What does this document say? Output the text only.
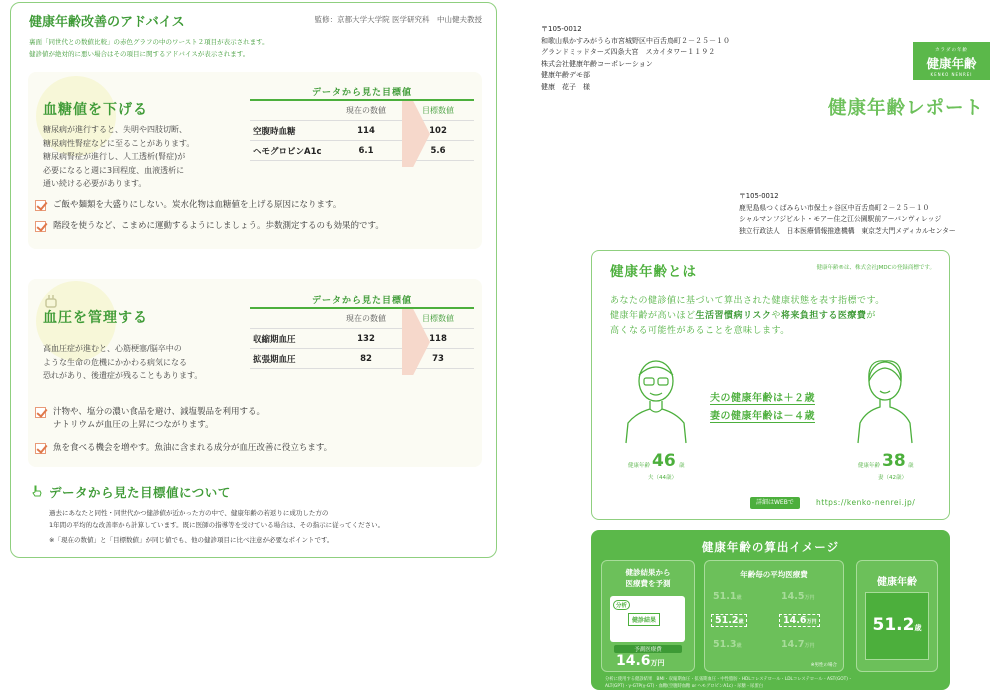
健康年齢改善のアドバイス	監修：京都大学大学院 医学研究科　中山健夫教授
裏面「同世代との数値比較」の赤色グラフの中のワースト２項目が表示されます。
健診値が絶対的に悪い場合はその項目に関するアドバイスが表示されます。
血糖値を下げる
糖尿病が進行すると、失明や四肢切断、
糖尿病性腎症などに至ることがあります。
糖尿病腎症が進行し、人工透析(腎症)が
必要になると週に3回程度、血液透析に
通い続ける必要があります。
データから見た目標値
現在の数値	目標数値
空腹時血糖	114	102
ヘモグロビンA1c	6.1	5.6
ご飯や麺類を大盛りにしない。炭水化物は血糖値を上げる原因になります。
階段を使うなど、こまめに運動するようにしましょう。歩数測定するのも効果的です。
血圧を管理する
高血圧症が進むと、心筋梗塞/脳卒中の
ような生命の危機にかかわる病気になる
恐れがあり、後遺症が残ることもあります。
データから見た目標値
現在の数値	目標数値
収縮期血圧	132	118
拡張期血圧	82	73
汁物や、塩分の濃い食品を避け、減塩製品を利用する。
ナトリウムが血圧の上昇につながります。
魚を食べる機会を増やす。魚油に含まれる成分が血圧改善に役立ちます。
データから見た目標値について
過去にあなたと同性・同世代かつ健診値が近かった方の中で、健康年齢の若返りに成功した方の
1年間の平均的な改善率から計算しています。既に医師の指導等を受けている場合は、その指示に従ってください。
※「現在の数値」と「目標数値」が同じ値でも、他の健診項目に比べ注意が必要なポイントです。
〒105-0012
和歌山県かすみがうら市宮城野区中百舌鳥町２－２５－１０
グランドミッドターズ四条大宮　スカイタワー１１９２
株式会社健康年齢コーポレーション
健康年齢デモ部
健康　花子　様
カラダの年齢
健康年齢
KENKO NENREI
健康年齢レポート
〒105-0012
鹿児島県つくばみらい市保土ヶ谷区中百舌鳥町２－２５－１０
シャルマンフジビルト・モアー住之江公園駅前アーバンヴィレッジ
独立行政法人　日本医療情報推進機構　東京芝大門メディカルセンター
健康年齢とは	健康年齢®は、株式会社JMDCの登録商標です。
あなたの健診値に基づいて算出された健康状態を表す指標です。
健康年齢が高いほど生活習慣病リスクや将来負担する医療費が
高くなる可能性があることを意味します。
健康年齢 46 歳
夫（44歳）
夫の健康年齢は＋２歳
妻の健康年齢は－４歳
健康年齢 38 歳
妻（42歳）
詳細はWEBで	https://kenko-nenrei.jp/
健康年齢の算出イメージ
健診結果から
医療費を予測
分析
健診結果
予測医療費
14.6万円
年齢毎の平均医療費
51.1歳	14.5万円
51.2歳	14.6万円
51.3歳	14.7万円
※男性の場合
健康年齢
51.2歳
分析に使用する健診結果　BMI・収縮期血圧・拡張期血圧・中性脂肪・HDLコレステロール・LDLコレステロール・AST(GOT)・
ALT(GPT)・γ-GTP(γ-GT)・血糖(空腹時血糖 or ヘモグロビンA1c)・尿糖・尿蛋白
